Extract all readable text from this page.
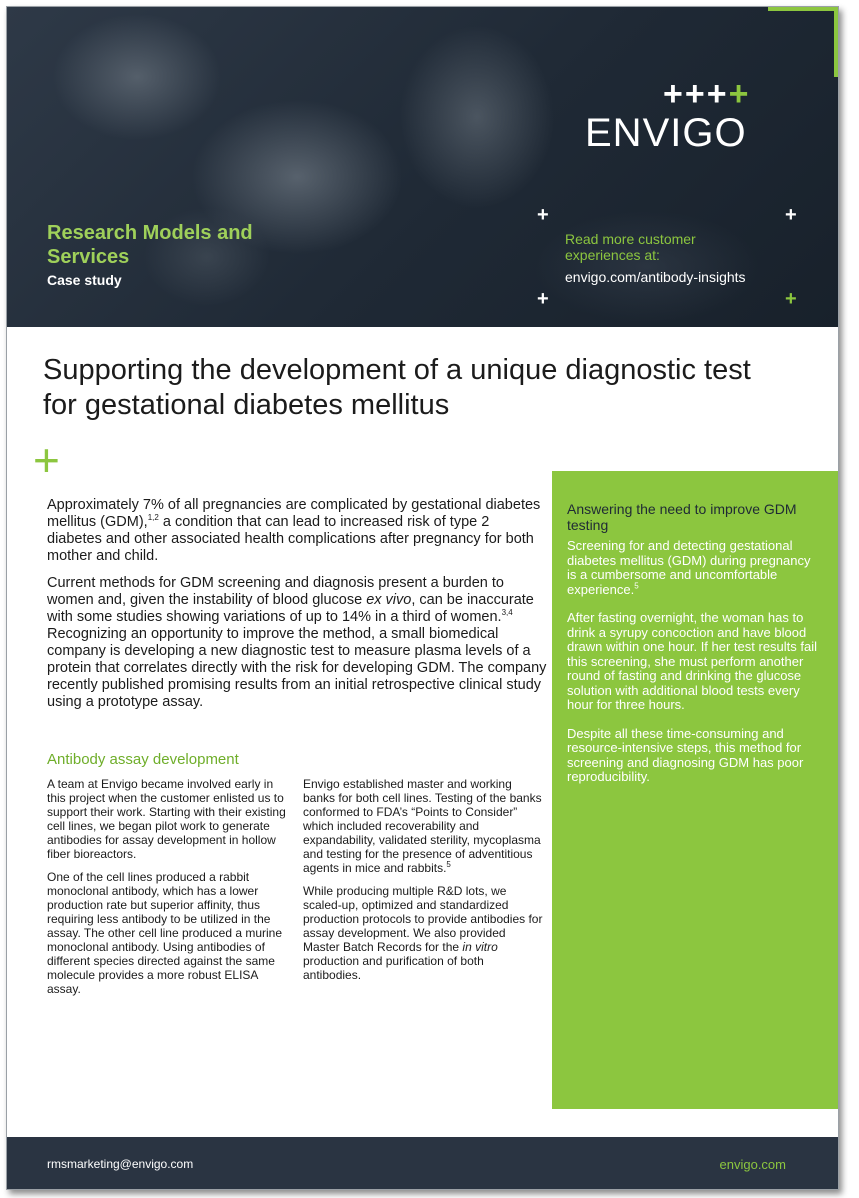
++++
ENVIGO
Research Models and Services
Case study
+	+
+	+
Read more customer experiences at:
envigo.com/antibody-insights
Supporting the development of a unique diagnostic test for gestational diabetes mellitus
+

Approximately 7% of all pregnancies are complicated by gestational diabetes mellitus (GDM),$^{1,2}$ a condition that can lead to increased risk of type 2 diabetes and other associated health complications after pregnancy for both mother and child.

Current methods for GDM screening and diagnosis present a burden to women and, given the instability of blood glucose ex vivo, can be inaccurate with some studies showing variations of up to 14% in a third of women.$^{3,4}$ Recognizing an opportunity to improve the method, a small biomedical company is developing a new diagnostic test to measure plasma levels of a protein that correlates directly with the risk for developing GDM. The company recently published promising results from an initial retrospective clinical study using a prototype assay.

Antibody assay development

A team at Envigo became involved early in this project when the customer enlisted us to support their work. Starting with their existing cell lines, we began pilot work to generate antibodies for assay development in hollow fiber bioreactors.

One of the cell lines produced a rabbit monoclonal antibody, which has a lower production rate but superior affinity, thus requiring less antibody to be utilized in the assay. The other cell line produced a murine monoclonal antibody. Using antibodies of different species directed against the same molecule provides a more robust ELISA assay.

Envigo established master and working banks for both cell lines. Testing of the banks conformed to FDA’s “Points to Consider” which included recoverability and expandability, validated sterility, mycoplasma and testing for the presence of adventitious agents in mice and rabbits.$^5$

While producing multiple R&D lots, we scaled-up, optimized and standardized production protocols to provide antibodies for assay development. We also provided Master Batch Records for the in vitro production and purification of both antibodies.

Answering the need to improve GDM testing

Screening for and detecting gestational diabetes mellitus (GDM) during pregnancy is a cumbersome and uncomfortable experience.$^5$

After fasting overnight, the woman has to drink a syrupy concoction and have blood drawn within one hour. If her test results fail this screening, she must perform another round of fasting and drinking the glucose solution with additional blood tests every hour for three hours.

Despite all these time-consuming and resource-intensive steps, this method for screening and diagnosing GDM has poor reproducibility.

rmsmarketing@envigo.com	envigo.com
